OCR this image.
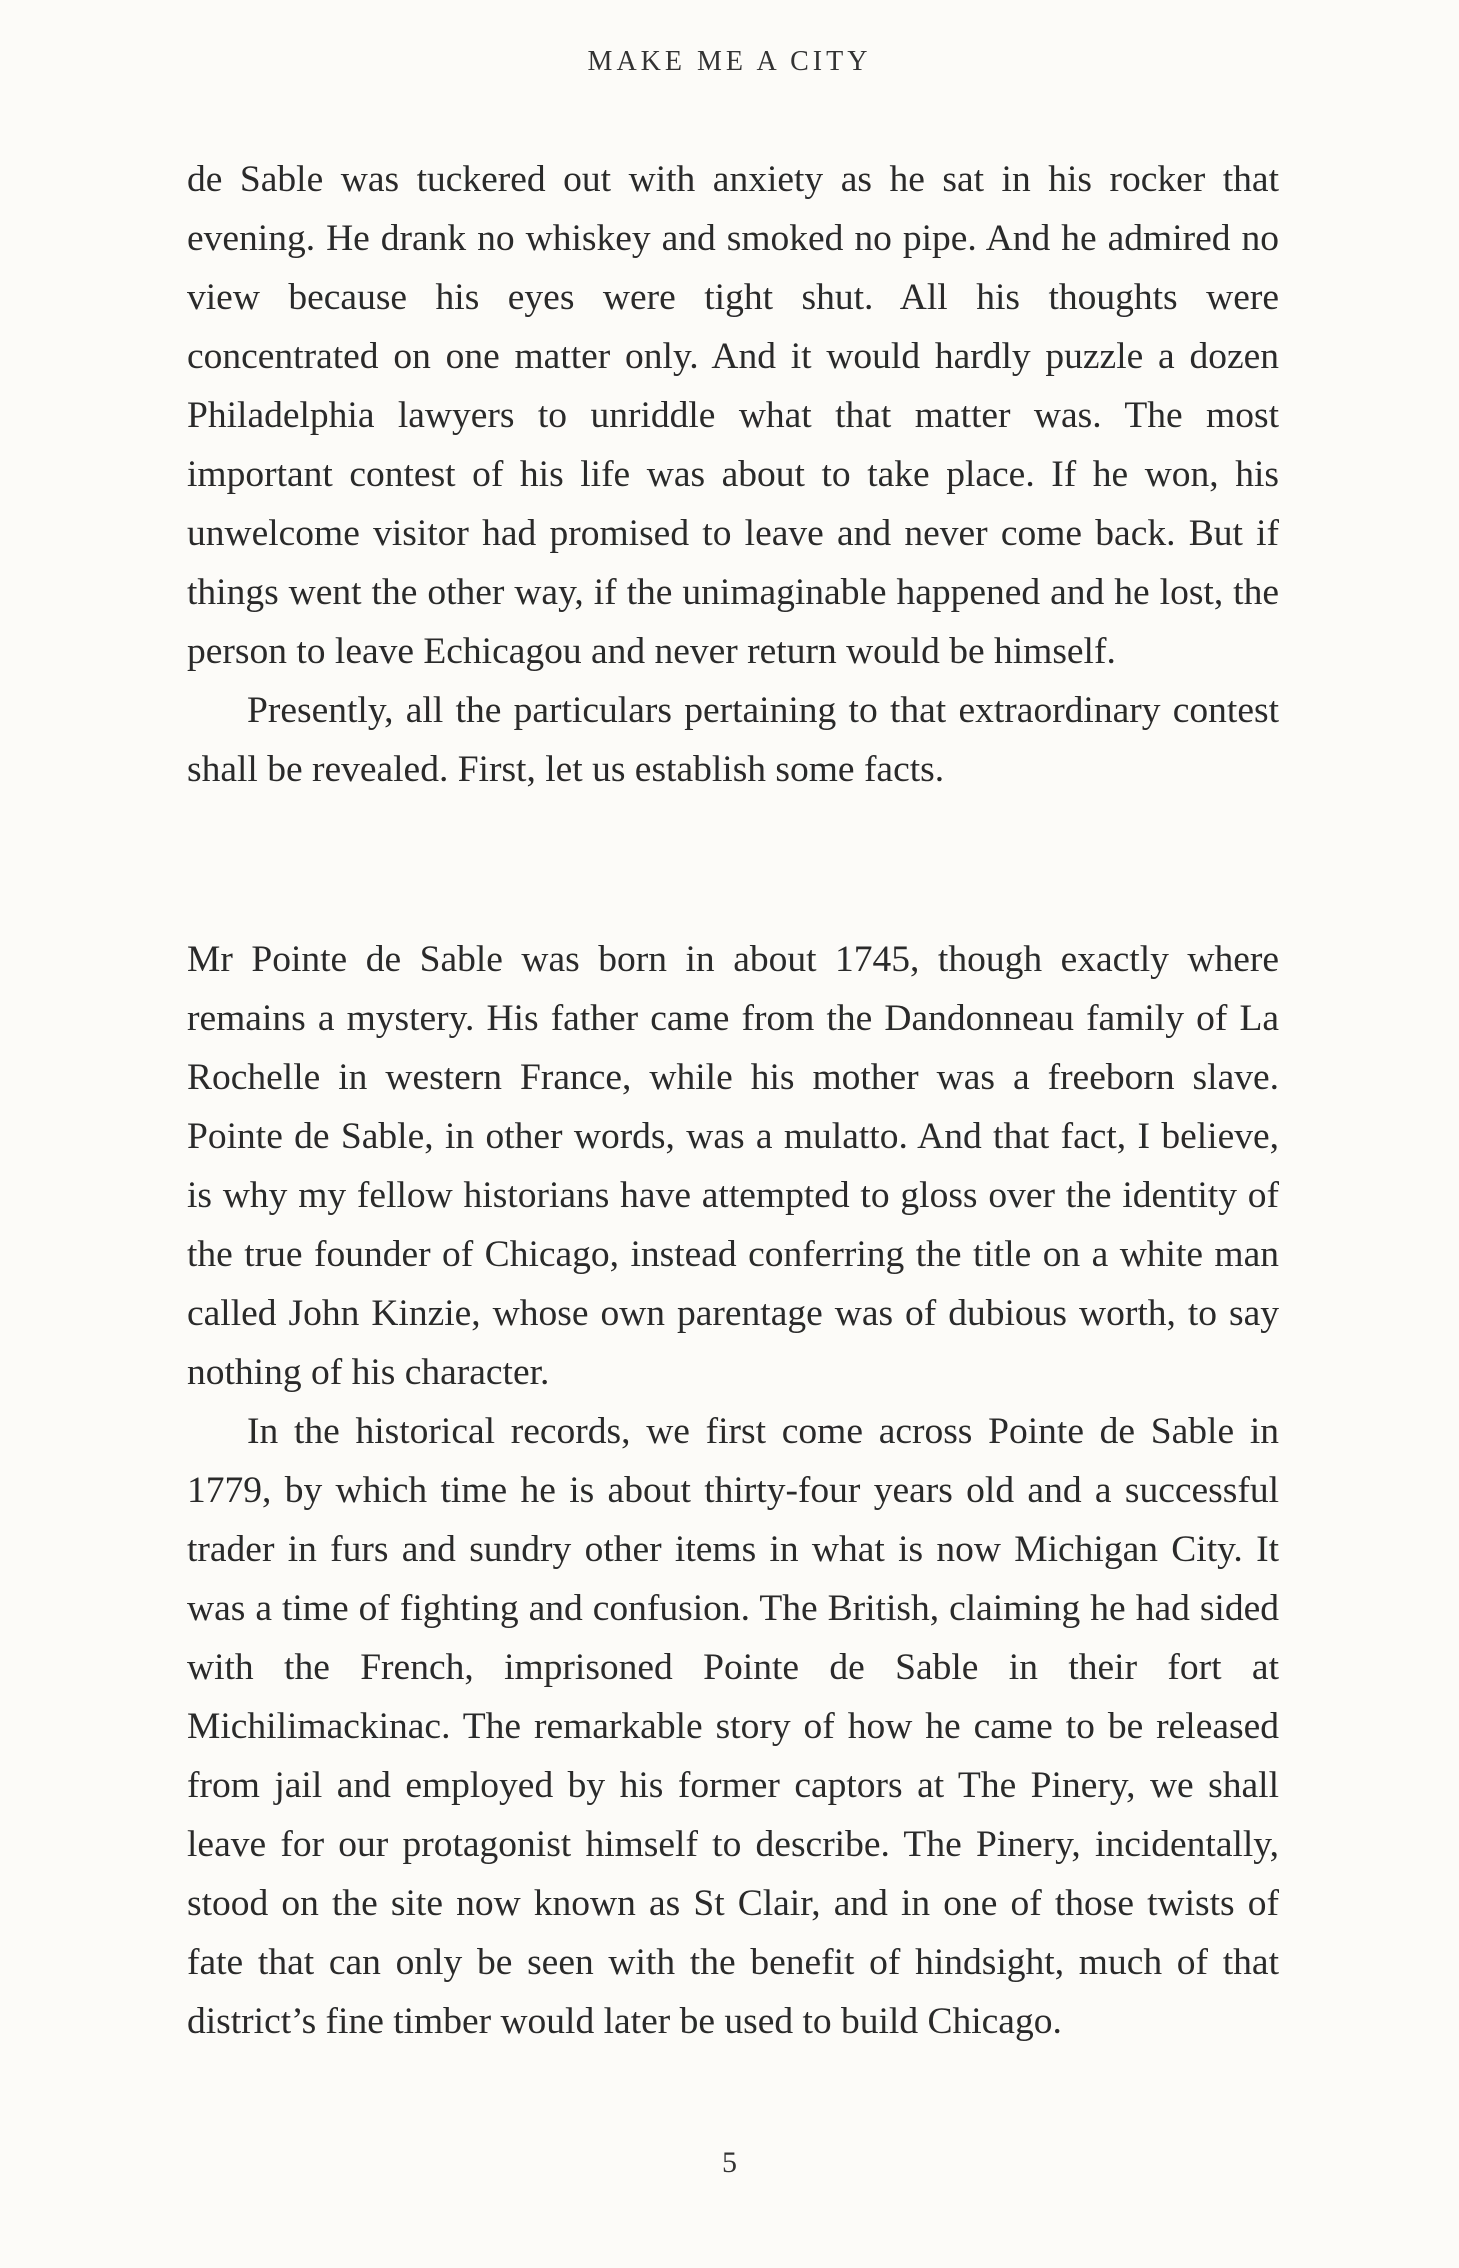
MAKE ME A CITY

de Sable was tuckered out with anxiety as he sat in his rocker that evening. He drank no whiskey and smoked no pipe. And he admired no view because his eyes were tight shut. All his thoughts were concentrated on one matter only. And it would hardly puzzle a dozen Philadelphia lawyers to unriddle what that matter was. The most important contest of his life was about to take place. If he won, his unwelcome visitor had promised to leave and never come back. But if things went the other way, if the unimaginable happened and he lost, the person to leave Echicagou and never return would be himself.

Presently, all the particulars pertaining to that extraordinary contest shall be revealed. First, let us establish some facts.

Mr Pointe de Sable was born in about 1745, though exactly where remains a mystery. His father came from the Dandonneau family of La Rochelle in western France, while his mother was a freeborn slave. Pointe de Sable, in other words, was a mulatto. And that fact, I believe, is why my fellow historians have attempted to gloss over the identity of the true founder of Chicago, instead conferring the title on a white man called John Kinzie, whose own parentage was of dubious worth, to say nothing of his character.

In the historical records, we first come across Pointe de Sable in 1779, by which time he is about thirty-four years old and a successful trader in furs and sundry other items in what is now Michigan City. It was a time of fighting and confusion. The British, claiming he had sided with the French, imprisoned Pointe de Sable in their fort at Michilimackinac. The remarkable story of how he came to be released from jail and employed by his former captors at The Pinery, we shall leave for our protagonist himself to describe. The Pinery, incidentally, stood on the site now known as St Clair, and in one of those twists of fate that can only be seen with the benefit of hindsight, much of that district’s fine timber would later be used to build Chicago.

5
